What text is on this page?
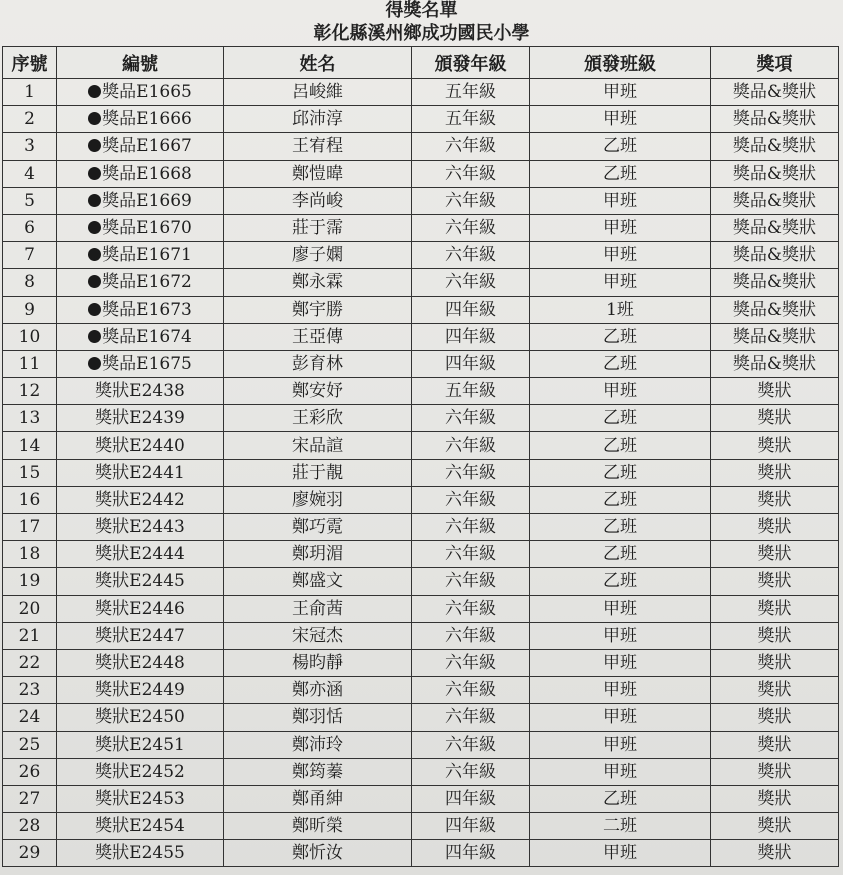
得獎名單
彰化縣溪州鄉成功國民小學
序號	編號	姓名	頒發年級	頒發班級	獎項
1	獎品E1665	呂峻維	五年級	甲班	獎品&獎狀
2	獎品E1666	邱沛淳	五年級	甲班	獎品&獎狀
3	獎品E1667	王宥程	六年級	乙班	獎品&獎狀
4	獎品E1668	鄭愷暐	六年級	乙班	獎品&獎狀
5	獎品E1669	李尚峻	六年級	甲班	獎品&獎狀
6	獎品E1670	莊于霈	六年級	甲班	獎品&獎狀
7	獎品E1671	廖子嫻	六年級	甲班	獎品&獎狀
8	獎品E1672	鄭永霖	六年級	甲班	獎品&獎狀
9	獎品E1673	鄭宇勝	四年級	1班	獎品&獎狀
10	獎品E1674	王亞傳	四年級	乙班	獎品&獎狀
11	獎品E1675	彭育林	四年級	乙班	獎品&獎狀
12	獎狀E2438	鄭安妤	五年級	甲班	獎狀
13	獎狀E2439	王彩欣	六年級	乙班	獎狀
14	獎狀E2440	宋品諠	六年級	乙班	獎狀
15	獎狀E2441	莊于靚	六年級	乙班	獎狀
16	獎狀E2442	廖婉羽	六年級	乙班	獎狀
17	獎狀E2443	鄭巧霓	六年級	乙班	獎狀
18	獎狀E2444	鄭玥湄	六年級	乙班	獎狀
19	獎狀E2445	鄭盛文	六年級	乙班	獎狀
20	獎狀E2446	王俞茜	六年級	甲班	獎狀
21	獎狀E2447	宋冠杰	六年級	甲班	獎狀
22	獎狀E2448	楊昀靜	六年級	甲班	獎狀
23	獎狀E2449	鄭亦涵	六年級	甲班	獎狀
24	獎狀E2450	鄭羽恬	六年級	甲班	獎狀
25	獎狀E2451	鄭沛玲	六年級	甲班	獎狀
26	獎狀E2452	鄭筠蓁	六年級	甲班	獎狀
27	獎狀E2453	鄭甬紳	四年級	乙班	獎狀
28	獎狀E2454	鄭昕榮	四年級	二班	獎狀
29	獎狀E2455	鄭忻汝	四年級	甲班	獎狀
